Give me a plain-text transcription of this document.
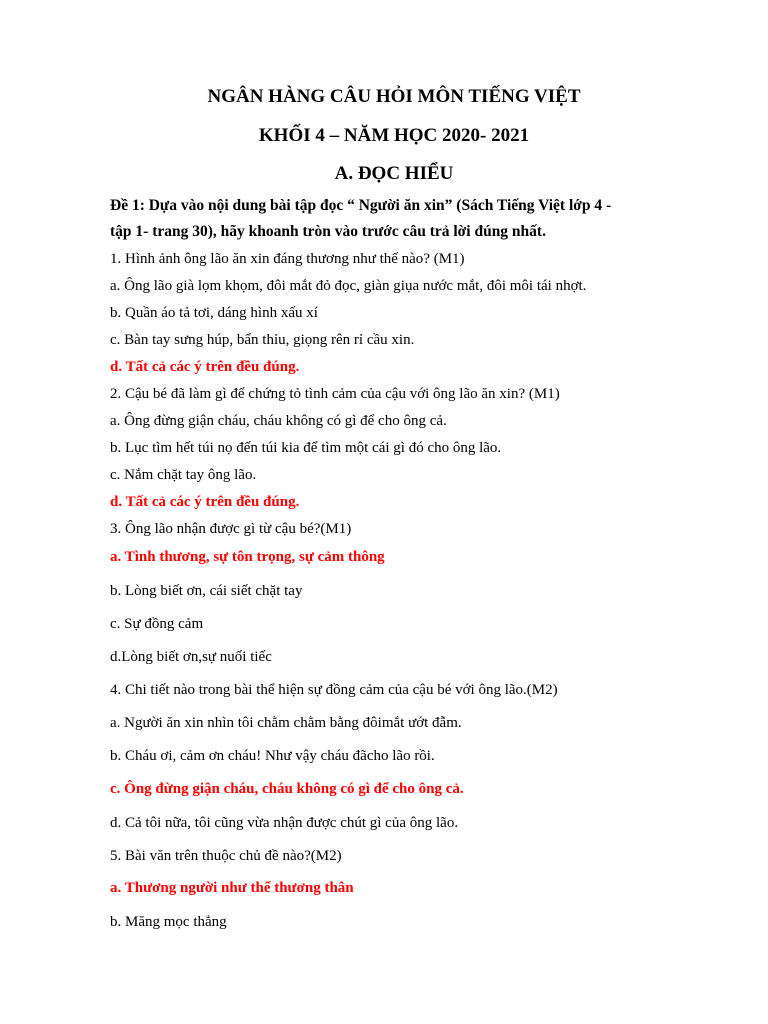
NGÂN HÀNG CÂU HỎI MÔN TIẾNG VIỆT
KHỐI 4 – NĂM HỌC 2020- 2021
A. ĐỌC HIỂU
Đề 1: Dựa vào nội dung bài tập đọc “ Người ăn xin” (Sách Tiếng Việt lớp 4 -
tập 1- trang 30), hãy khoanh tròn vào trước câu trả lời đúng nhất.
1. Hình ảnh ông lão ăn xin đáng thương như thế nào? (M1)
a. Ông lão già lọm khọm, đôi mắt đỏ đọc, giàn giụa nước mắt, đôi môi tái nhợt.
b. Quần áo tả tơi, dáng hình xấu xí
c. Bàn tay sưng húp, bẩn thỉu, giọng rên rỉ cầu xin.
d. Tất cả các ý trên đều đúng.
2. Cậu bé đã làm gì để chứng tỏ tình cảm của cậu với ông lão ăn xin? (M1)
a. Ông đừng giận cháu, cháu không có gì để cho ông cả.
b. Lục tìm hết túi nọ đến túi kia để tìm một cái gì đó cho ông lão.
c. Nắm chặt tay ông lão.
d. Tất cả các ý trên đều đúng.
3. Ông lão nhận được gì từ cậu bé?(M1)
a. Tình thương, sự tôn trọng, sự cảm thông
b. Lòng biết ơn, cái siết chặt tay
c. Sự đồng cảm
d.Lòng biết ơn,sự nuối tiếc
4. Chi tiết nào trong bài thể hiện sự đồng cảm của cậu bé với ông lão.(M2)
a. Người ăn xin nhìn tôi chằm chằm bằng đôimắt ướt đẫm.
b. Cháu ơi, cảm ơn cháu! Như vậy cháu đãcho lão rồi.
c. Ông đừng giận cháu, cháu không có gì để cho ông cả.
d. Cả tôi nữa, tôi cũng vừa nhận được chút gì của ông lão.
5. Bài văn trên thuộc chủ đề nào?(M2)
a. Thương người như thể thương thân
b. Măng mọc thẳng
